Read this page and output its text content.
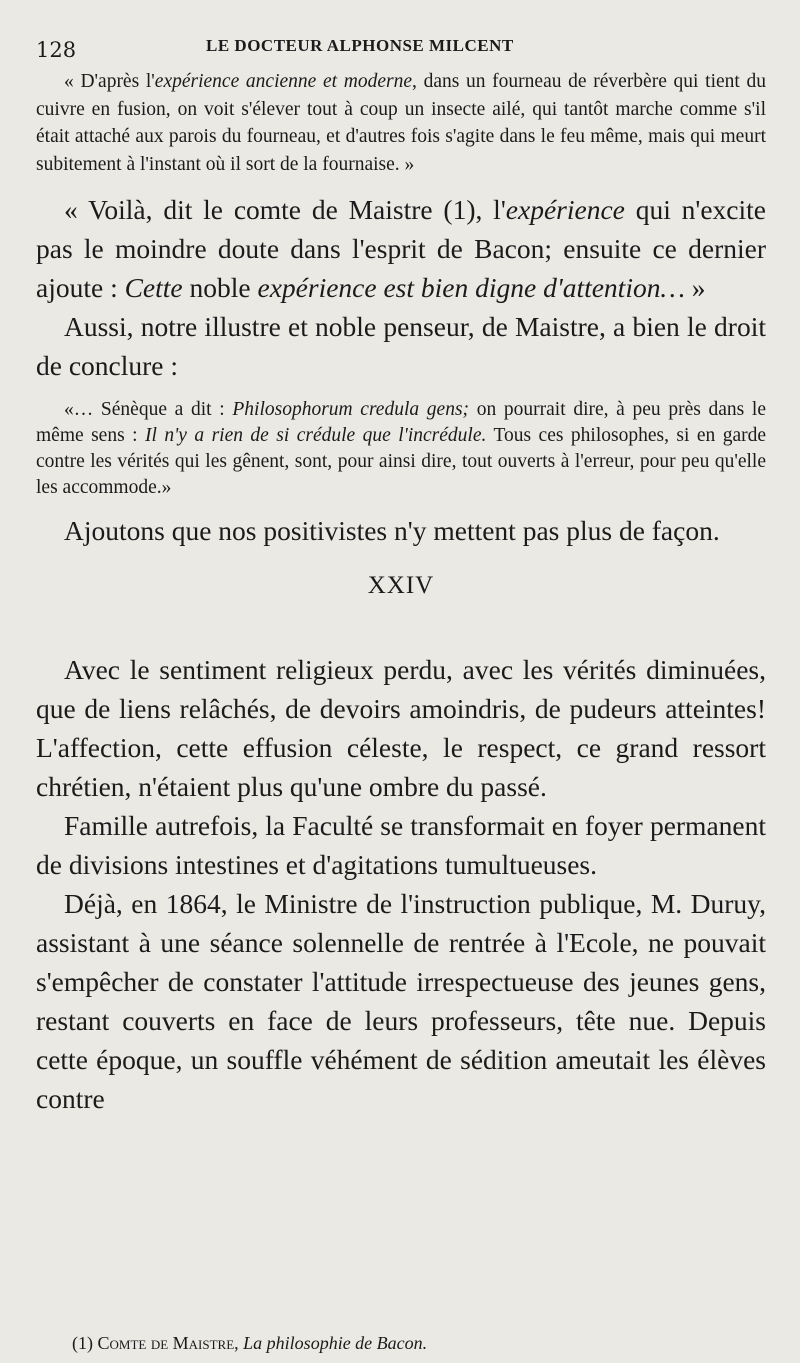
128	LE DOCTEUR ALPHONSE MILCENT

« D'après l'expérience ancienne et moderne, dans un fourneau de réverbère qui tient du cuivre en fusion, on voit s'élever tout à coup un insecte ailé, qui tantôt marche comme s'il était attaché aux parois du fourneau, et d'autres fois s'agite dans le feu même, mais qui meurt subitement à l'instant où il sort de la fournaise. »

« Voilà, dit le comte de Maistre (1), l'expérience qui n'excite pas le moindre doute dans l'esprit de Bacon; ensuite ce dernier ajoute : Cette noble expérience est bien digne d'attention… »

Aussi, notre illustre et noble penseur, de Maistre, a bien le droit de conclure :

«… Sénèque a dit : Philosophorum credula gens; on pourrait dire, à peu près dans le même sens : Il n'y a rien de si crédule que l'incrédule. Tous ces philosophes, si en garde contre les vérités qui les gênent, sont, pour ainsi dire, tout ouverts à l'erreur, pour peu qu'elle les accommode.»

Ajoutons que nos positivistes n'y mettent pas plus de façon.

XXIV

Avec le sentiment religieux perdu, avec les vérités diminuées, que de liens relâchés, de devoirs amoindris, de pudeurs atteintes! L'affection, cette effusion céleste, le respect, ce grand ressort chrétien, n'étaient plus qu'une ombre du passé.

Famille autrefois, la Faculté se transformait en foyer permanent de divisions intestines et d'agitations tumultueuses.

Déjà, en 1864, le Ministre de l'instruction publique, M. Duruy, assistant à une séance solennelle de rentrée à l'Ecole, ne pouvait s'empêcher de constater l'attitude irrespectueuse des jeunes gens, restant couverts en face de leurs professeurs, tête nue. Depuis cette époque, un souffle véhément de sédition ameutait les élèves contre

(1) Comte de Maistre, La philosophie de Bacon.
